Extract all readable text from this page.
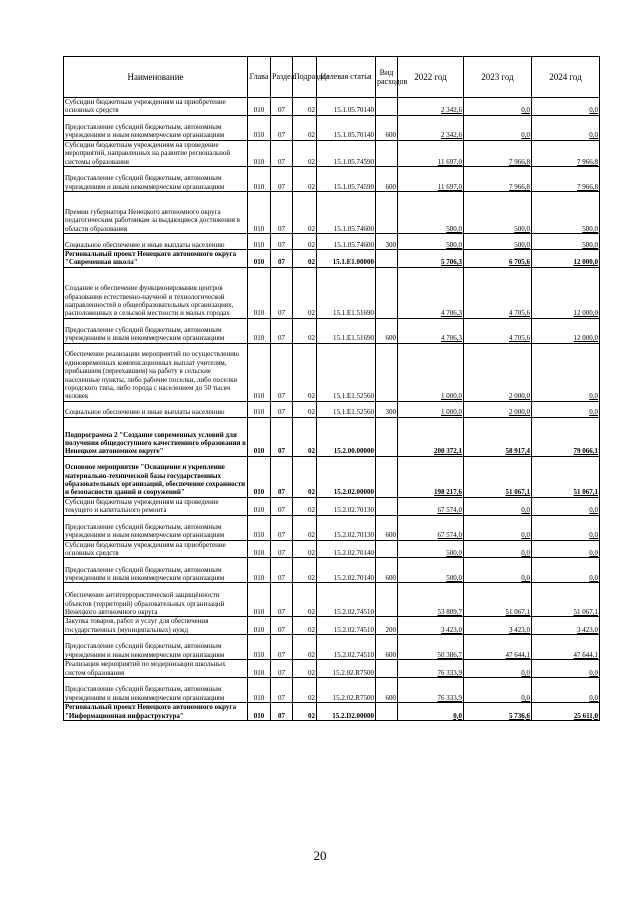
Наименование	Глава	Раздел	Подраздел	Целевая статья	Вид расходов	2022 год	2023 год	2024 год
Субсидии бюджетным учреждениям на приобретение основных средств	010	07	02	15.1.05.70140		2 342,6	0,0	0,0
Предоставление субсидий бюджетным, автономным учреждениям и иным некоммерческим организациям	010	07	02	15.1.05.70140	600	2 342,6	0,0	0,0
Субсидии бюджетным учреждениям на проведение мероприятий, направленных на развитие региональной системы образования	010	07	02	15.1.05.74590		11 697,0	7 966,8	7 966,8
Предоставление субсидий бюджетным, автономным учреждениям и иным некоммерческим организациям	010	07	02	15.1.05.74590	600	11 697,0	7 966,8	7 966,8
Премии губернатора Ненецкого автономного округа педагогическим работникам за выдающиеся достижения в области образования	010	07	02	15.1.05.74600		500,0	500,0	500,0
Социальное обеспечение и иные выплаты населению	010	07	02	15.1.05.74600	300	500,0	500,0	500,0
Региональный проект Ненецкого автономного округа "Современная школа"	010	07	02	15.1.E1.00000		5 706,3	6 705,6	12 000,0
Создание и обеспечение функционирования центров образования естественно-научной и технологической направленностей в общеобразовательных организациях, расположенных в сельской местности и малых городах	010	07	02	15.1.E1.51690		4 706,3	4 705,6	12 000,0
Предоставление субсидий бюджетным, автономным учреждениям и иным некоммерческим организациям	010	07	02	15.1.E1.51690	600	4 706,3	4 705,6	12 000,0
Обеспечение реализации мероприятий по осуществлению единовременных компенсационных выплат учителям, прибывшим (переехавшим) на работу в сельские населенные пункты, либо рабочие поселки, либо поселки городского типа, либо города с населением до 50 тысяч человек	010	07	02	15.1.E1.52560		1 000,0	2 000,0	0,0
Социальное обеспечение и иные выплаты населению	010	07	02	15.1.E1.52560	300	1 000,0	2 000,0	0,0
Подпрограмма 2 "Создание современных условий для получения общедоступного качественного образования в Ненецком автономном округе"	010	07	02	15.2.00.00000		200 372,1	58 917,4	79 066,1
Основное мероприятие "Оснащение и укрепление материально-технической базы государственных образовательных организаций, обеспечение сохранности и безопасности зданий и сооружений"	010	07	02	15.2.02.00000		198 217,6	51 067,1	51 067,1
Субсидии бюджетным учреждениям на проведение текущего и капитального ремонта	010	07	02	15.2.02.70130		67 574,0	0,0	0,0
Предоставление субсидий бюджетным, автономным учреждениям и иным некоммерческим организациям	010	07	02	15.2.02.70130	600	67 574,0	0,0	0,0
Субсидии бюджетным учреждениям на приобретение основных средств	010	07	02	15.2.02.70140		500,0	0,0	0,0
Предоставление субсидий бюджетным, автономным учреждениям и иным некоммерческим организациям	010	07	02	15.2.02.70140	600	500,0	0,0	0,0
Обеспечение антитеррористической защищённости объектов (территорий) образовательных организаций Ненецкого автономного округа	010	07	02	15.2.02.74510		53 809,7	51 067,1	51 067,1
Закупка товаров, работ и услуг для обеспечения государственных (муниципальных) нужд	010	07	02	15.2.02.74510	200	3 423,0	3 423,0	3 423,0
Предоставление субсидий бюджетным, автономным учреждениям и иным некоммерческим организациям	010	07	02	15.2.02.74510	600	50 386,7	47 644,1	47 644,1
Реализация мероприятий по модернизации школьных систем образования	010	07	02	15.2.02.R7500		76 333,9	0,0	0,0
Предоставление субсидий бюджетным, автономным учреждениям и иным некоммерческим организациям	010	07	02	15.2.02.R7500	600	76 333,9	0,0	0,0
Региональный проект Ненецкого автономного округа "Информационная инфраструктура"	010	07	02	15.2.D2.00000		0,0	5 736,6	25 611,0
20
